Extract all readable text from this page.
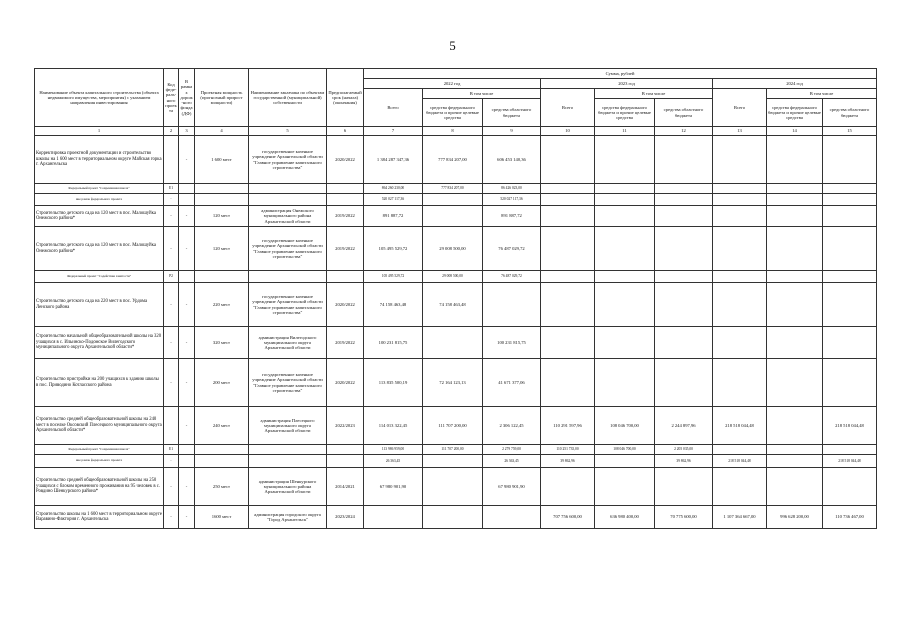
5
Наименование объекта капитального строительства (объекта недвижимого имущества, мероприятия) с указанием направления инвестирования	Код феде-раль-ного проекта	В рамках дорож-ного фонда (ДФ)	Проектная мощность (прогнозный прирост мощности)	Наименование заказчика по объектам государственной (муниципальной) собственности	Предполагаемый срок (начала) (окончания)	Сумма, рублей								
						2022 год			2023 год			2024 год		
						Всего	В том числе		Всего	В том числе		Всего	В том числе	
							средства федерального бюджета и прочие целевые средства	средства областного бюджета		средства федерального бюджета и прочие целевые средства	средства областного бюджета		средства федерального бюджета и прочие целевые средства	средства областного бюджета
1	2	3	4	5	6	7	8	9	10	11	12	13	14	15
Корректировка проектной документации и строительство школы на 1 600 мест в территориальном округе Майская горка г. Архангельска		-	1 600 мест	государственное казенное учреждение Архангельской области "Главное управление капитального строительства"	2020/2022	1 384 287 347,36	777 834 207,00	606 453 140,36						
Федеральный проект "Современная школа"	E1					864 260 230,00	777 834 207,00	86 426 023,00						
вне рамок федерального проекта	-					520 027 117,36		520 027 117,36						
Строительство детского сада на 120 мест в пос. Малошуйка Онежского района*	-	-	120 мест	администрация Онежского муниципального района Архангельской области	2019/2022	891 887,72		891 887,72						
Строительство детского сада на 120 мест в пос. Малошуйка Онежского района*	-	-	120 мест	государственное казенное учреждение Архангельской области "Главное управление капитального строительства"	2019/2022	105 495 529,72	29 008 500,00	76 487 029,72						
Федеральный проект "Содействие занятости"	P2					105 495 529,72	29 008 500,00	76 487 029,72						
Строительство детского сада на 220 мест в пос. Урдома Ленского района	-	-	220 мест	государственное казенное учреждение Архангельской области "Главное управление капитального строительства"	2020/2022	74 158 463,48	74 158 463,48							
Строительство начальной общеобразовательной школы на 320 учащихся в с. Ильинско-Подомское Вилегодского муниципального округа Архангельской области*	-	-	320 мест	администрация Вилегодского муниципального округа Архангельской области	2019/2022	100 231 815,75		100 231 815,75						
Строительство пристройки на 200 учащихся к зданию школы в пос. Приводино Котласского района	-	-	200 мест	государственное казенное учреждение Архангельской области "Главное управление капитального строительства"	2020/2022	113 835 500,19	72 164 123,13	41 671 377,06						
Строительство средней общеобразовательной школы на 240 мест в поселке Оксовский Плесецкого муниципального округа Архангельской области*		-	240 мест	администрация Плесецкого муниципального округа Архангельской области	2022/2023	114 013 322,45	111 707 200,00	2 306 122,45	110 291 597,96	108 046 700,00	2 244 897,96	218 518 044,48		218 518 044,48
Федеральный проект "Современная школа"	E1					113 986 959,00	111 707 200,00	2 279 759,00	110 251 735,00	108 046 700,00	2 205 035,00			
вне рамок федерального проекта	-					26 363,45		26 363,45	39 862,96		39 862,96	218 518 044,48		218 518 044,48
Строительство средней общеобразовательной школы на 250 учащихся с блоком временного проживания на 95 человек в с. Ровдино Шенкурского района*	-	-	250 мест	администрация Шенкурского муниципального района Архангельской области	2014/2021	67 980 901,90		67 980 901,90						
Строительство школы на 1 600 мест в территориальном округе Варавино-Фактория г. Архангельска	-	-	1600 мест	администрация городского округа "Город Архангельск"	2023/2024				707 756 600,00	636 980 400,00	70 775 600,00	1 107 364 667,00	996 628 200,00	110 736 467,00
